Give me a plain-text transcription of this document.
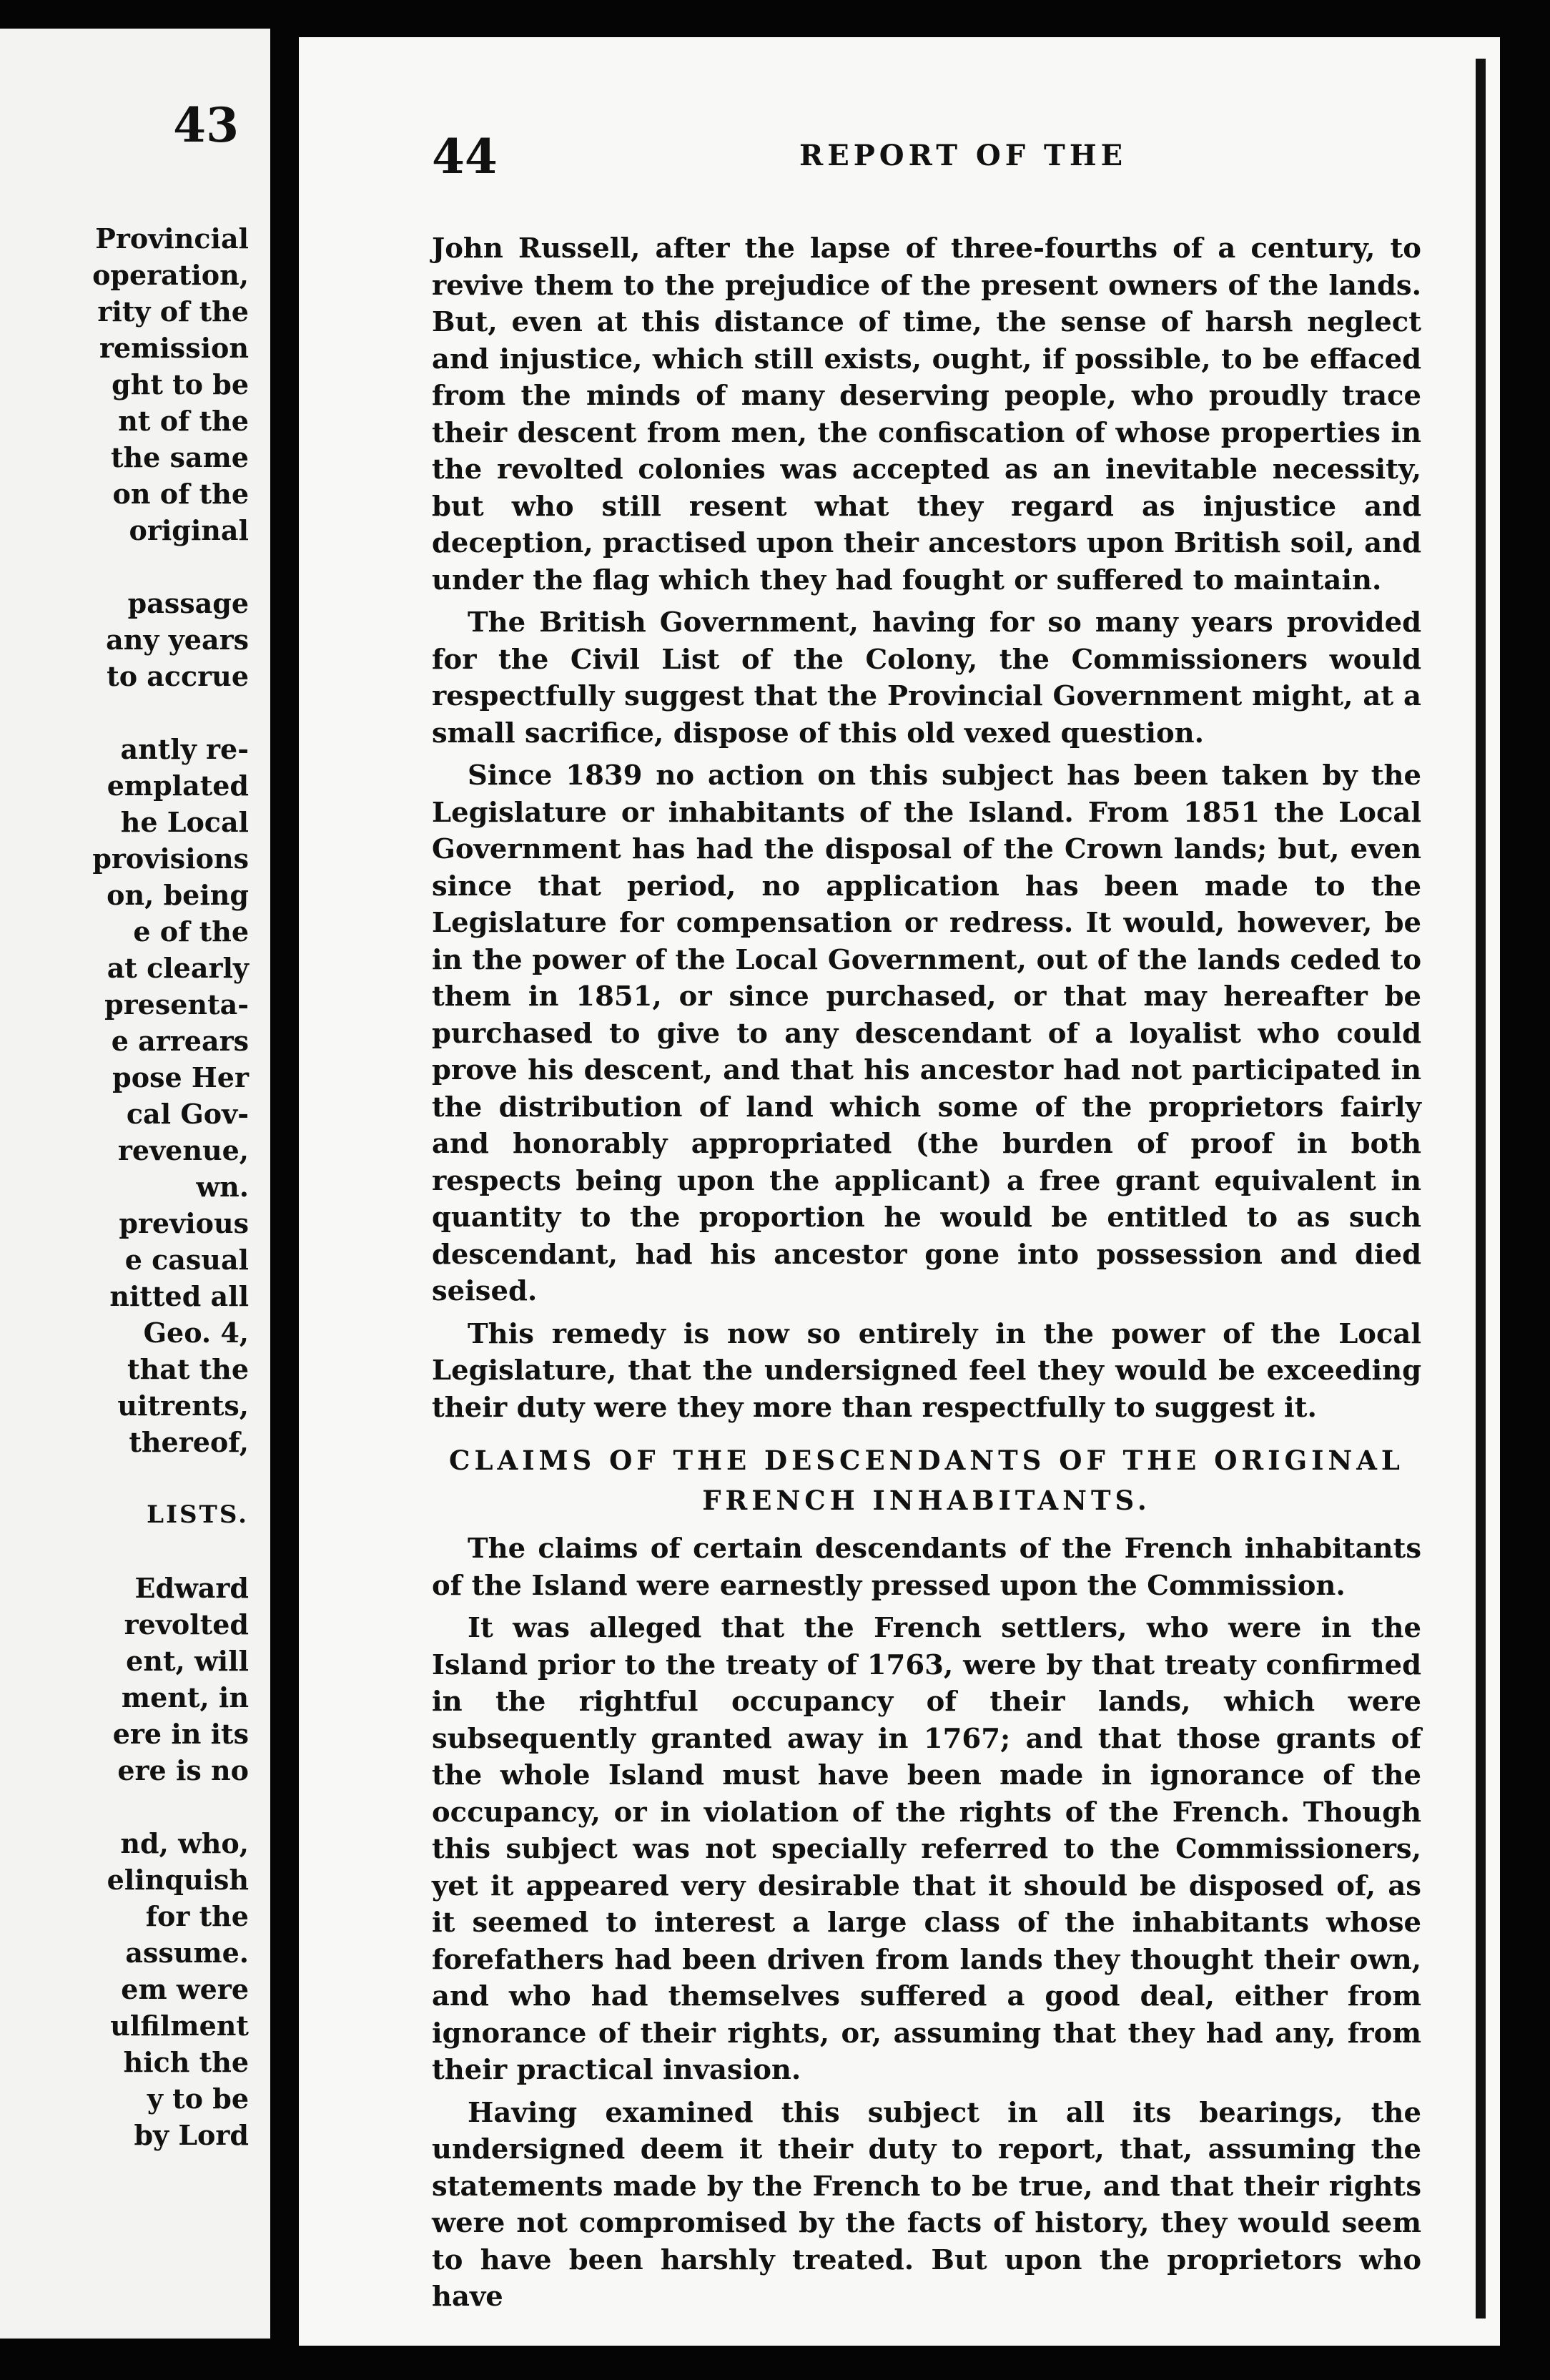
43

Provincial
operation,
rity of the
remission
ght to be
nt of the
the same
on of the
original
passage
any years
to accrue
antly re-
emplated
he Local
provisions
on, being
e of the
at clearly
presenta-
e arrears
pose Her
cal Gov-
revenue,
wn.
previous
e casual
nitted all
Geo. 4,
that the
uitrents,
thereof,
LISTS.
Edward
revolted
ent, will
ment, in
ere in its
ere is no
nd, who,
elinquish
for the
assume.
em were
ulfilment
hich the
y to be
by Lord

44	REPORT OF THE

John Russell, after the lapse of three-fourths of a century, to revive them to the prejudice of the present owners of the lands. But, even at this distance of time, the sense of harsh neglect and injustice, which still exists, ought, if possible, to be effaced from the minds of many deserving people, who proudly trace their descent from men, the confiscation of whose properties in the revolted colonies was accepted as an inevitable necessity, but who still resent what they regard as injustice and deception, practised upon their ancestors upon British soil, and under the flag which they had fought or suffered to maintain.

The British Government, having for so many years provided for the Civil List of the Colony, the Commissioners would respectfully suggest that the Provincial Government might, at a small sacrifice, dispose of this old vexed question.

Since 1839 no action on this subject has been taken by the Legislature or inhabitants of the Island. From 1851 the Local Government has had the disposal of the Crown lands; but, even since that period, no application has been made to the Legislature for compensation or redress. It would, however, be in the power of the Local Government, out of the lands ceded to them in 1851, or since purchased, or that may hereafter be purchased to give to any descendant of a loyalist who could prove his descent, and that his ancestor had not participated in the distribution of land which some of the proprietors fairly and honorably appropriated (the burden of proof in both respects being upon the applicant) a free grant equivalent in quantity to the proportion he would be entitled to as such descendant, had his ancestor gone into possession and died seised.

This remedy is now so entirely in the power of the Local Legislature, that the undersigned feel they would be exceeding their duty were they more than respectfully to suggest it.

CLAIMS OF THE DESCENDANTS OF THE ORIGINAL
FRENCH INHABITANTS.

The claims of certain descendants of the French inhabitants of the Island were earnestly pressed upon the Commission.

It was alleged that the French settlers, who were in the Island prior to the treaty of 1763, were by that treaty confirmed in the rightful occupancy of their lands, which were subsequently granted away in 1767; and that those grants of the whole Island must have been made in ignorance of the occupancy, or in violation of the rights of the French. Though this subject was not specially referred to the Commissioners, yet it appeared very desirable that it should be disposed of, as it seemed to interest a large class of the inhabitants whose forefathers had been driven from lands they thought their own, and who had themselves suffered a good deal, either from ignorance of their rights, or, assuming that they had any, from their practical invasion.

Having examined this subject in all its bearings, the undersigned deem it their duty to report, that, assuming the statements made by the French to be true, and that their rights were not compromised by the facts of history, they would seem to have been harshly treated. But upon the proprietors who have
